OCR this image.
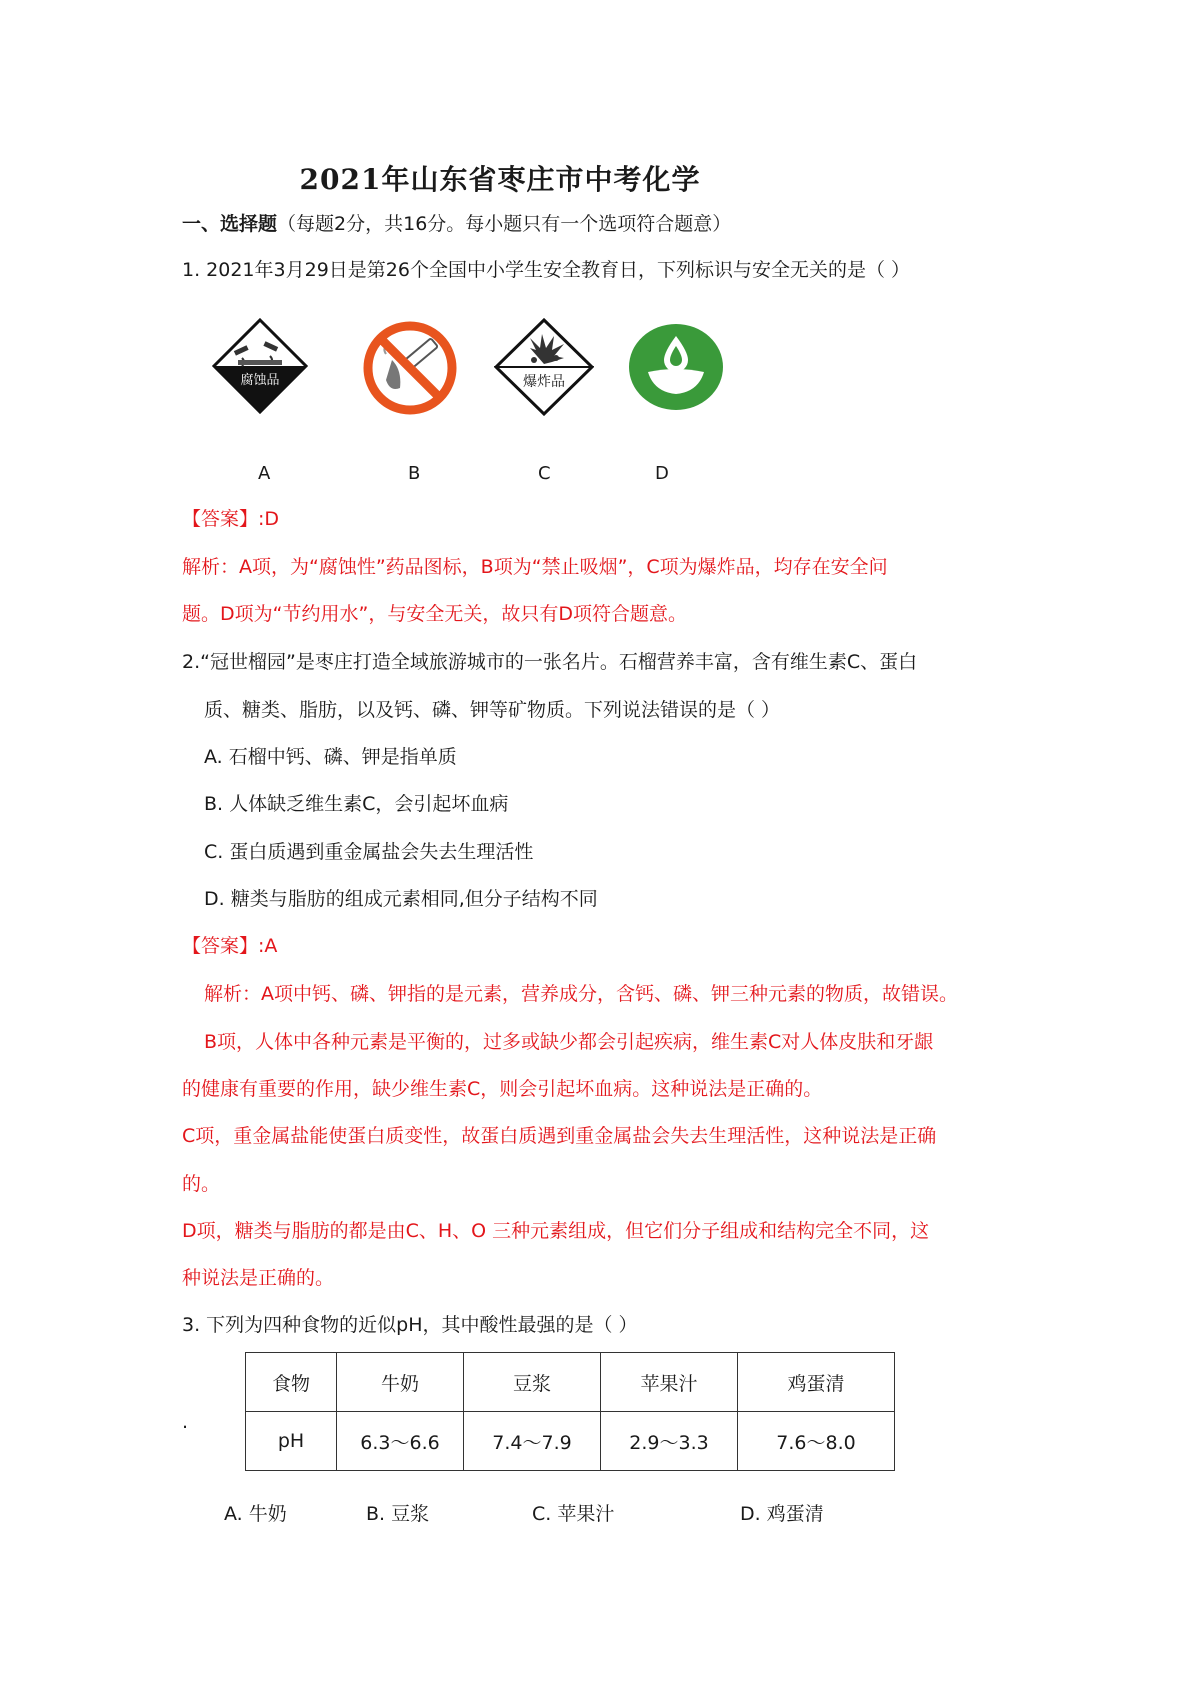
2021年山东省枣庄市中考化学
一、选择题（每题2分，共16分。每小题只有一个选项符合题意）
1. 2021年3月29日是第26个全国中小学生安全教育日，下列标识与安全无关的是（ ）
腐蚀品	爆炸品
A	B	C	D
【答案】:D
解析：A项，为“腐蚀性”药品图标，B项为“禁止吸烟”，C项为爆炸品，均存在安全问
题。D项为“节约用水”，与安全无关，故只有D项符合题意。
2.“冠世榴园”是枣庄打造全域旅游城市的一张名片。石榴营养丰富，含有维生素C、蛋白
质、糖类、脂肪，以及钙、磷、钾等矿物质。下列说法错误的是（ ）
A. 石榴中钙、磷、钾是指单质
B. 人体缺乏维生素C，会引起坏血病
C. 蛋白质遇到重金属盐会失去生理活性
D. 糖类与脂肪的组成元素相同,但分子结构不同
【答案】:A
解析：A项中钙、磷、钾指的是元素，营养成分，含钙、磷、钾三种元素的物质，故错误。
B项，人体中各种元素是平衡的，过多或缺少都会引起疾病，维生素C对人体皮肤和牙龈
的健康有重要的作用，缺少维生素C，则会引起坏血病。这种说法是正确的。
C项，重金属盐能使蛋白质变性，故蛋白质遇到重金属盐会失去生理活性，这种说法是正确
的。
D项，糖类与脂肪的都是由C、H、O 三种元素组成，但它们分子组成和结构完全不同，这
种说法是正确的。
3. 下列为四种食物的近似pH，其中酸性最强的是（ ）
.
食物	牛奶	豆浆	苹果汁	鸡蛋清
pH	6.3～6.6	7.4～7.9	2.9～3.3	7.6～8.0
A. 牛奶	B. 豆浆	C. 苹果汁	D. 鸡蛋清
